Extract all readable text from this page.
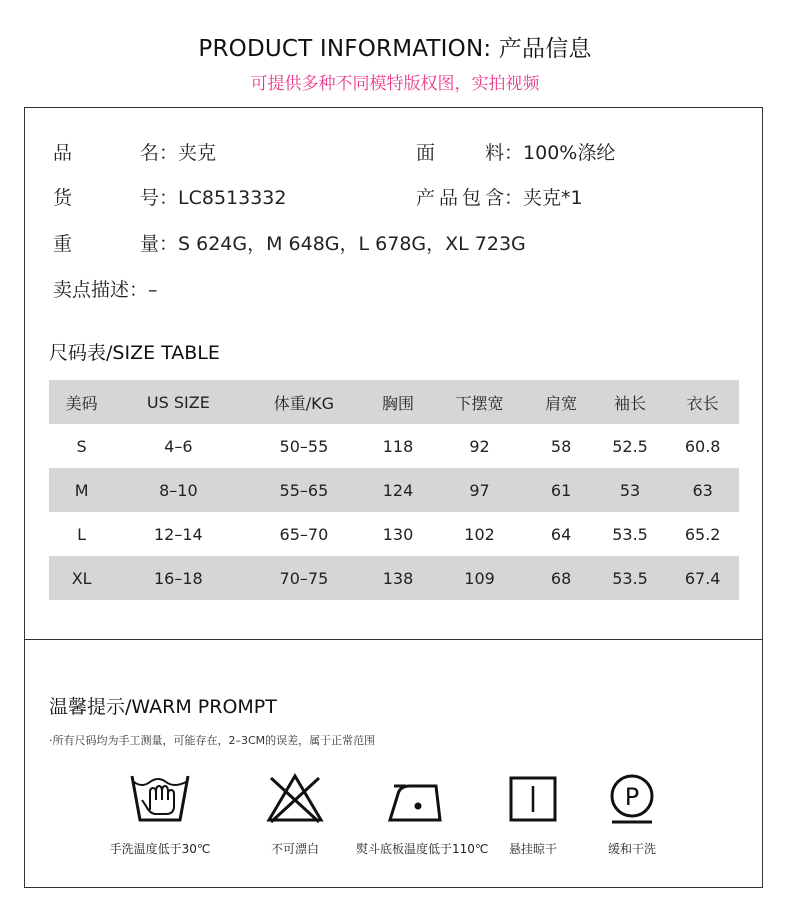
PRODUCT INFORMATION: 产品信息
可提供多种不同模特版权图，实拍视频
品 名：夹克	面 料：100%涤纶
货 号：LC8513332	产品包含：夹克*1
重 量：S 624G，M 648G，L 678G，XL 723G
卖点描述：–
尺码表/SIZE TABLE
美码	US SIZE	体重/KG	胸围	下摆宽	肩宽	袖长	衣长
S	4–6	50–55	118	92	58	52.5	60.8
M	8–10	55–65	124	97	61	53	63
L	12–14	65–70	130	102	64	53.5	65.2
XL	16–18	70–75	138	109	68	53.5	67.4
温馨提示/WARM PROMPT
·所有尺码均为手工测量，可能存在，2–3CM的误差，属于正常范围
手洗温度低于30℃	不可漂白	熨斗底板温度低于110℃	悬挂晾干
P
缓和干洗
